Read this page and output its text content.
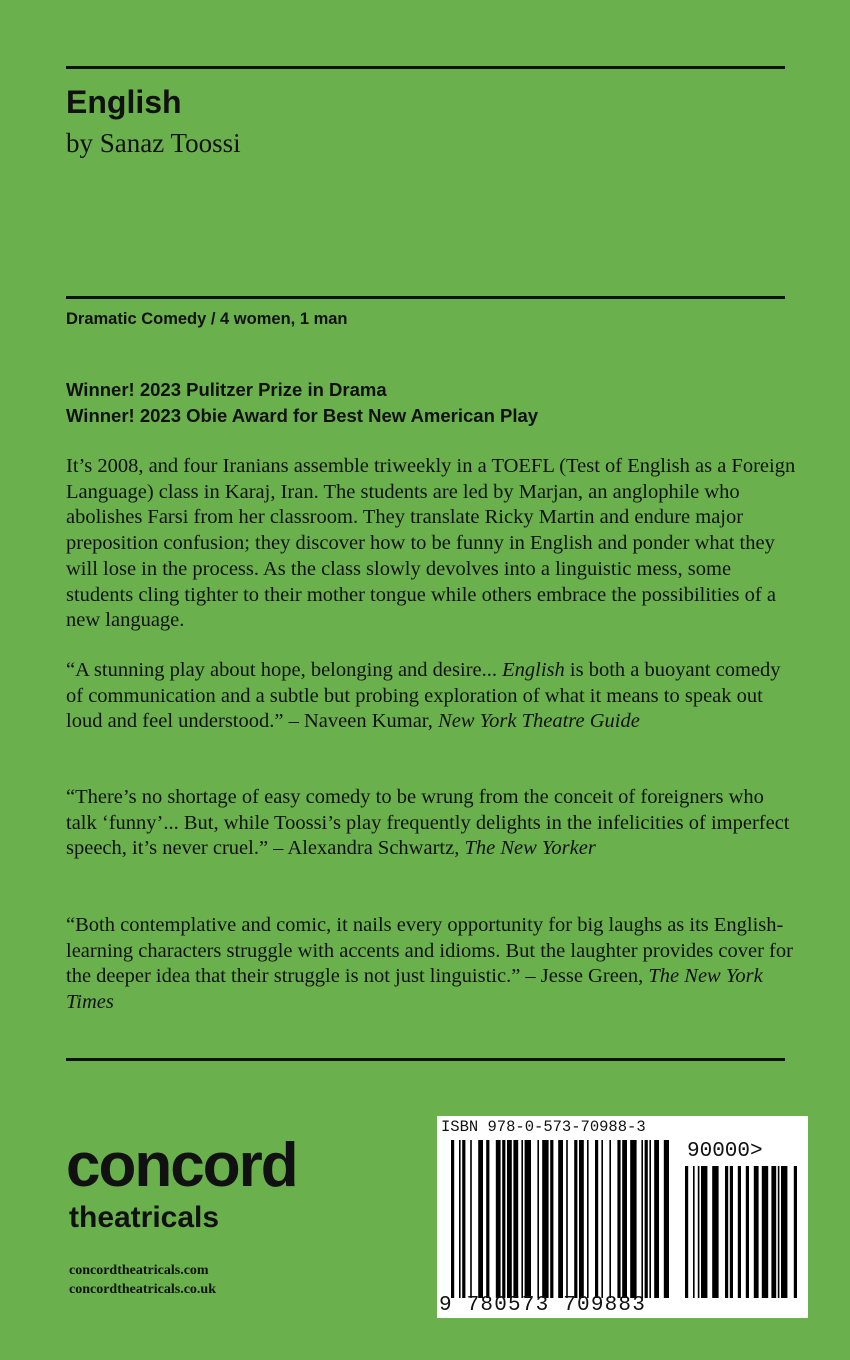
English
by Sanaz Toossi
Dramatic Comedy / 4 women, 1 man
Winner! 2023 Pulitzer Prize in Drama
Winner! 2023 Obie Award for Best New American Play
It’s 2008, and four Iranians assemble triweekly in a TOEFL (Test of English as a Foreign Language) class in Karaj, Iran. The students are led by Marjan, an anglophile who abolishes Farsi from her classroom. They translate Ricky Martin and endure major preposition confusion; they discover how to be funny in English and ponder what they will lose in the process. As the class slowly devolves into a linguistic mess, some students cling tighter to their mother tongue while others embrace the possibilities of a new language.
“A stunning play about hope, belonging and desire... English is both a buoyant comedy of communication and a subtle but probing exploration of what it means to speak out loud and feel understood.” – Naveen Kumar, New York Theatre Guide
“There’s no shortage of easy comedy to be wrung from the conceit of foreigners who talk ‘funny’... But, while Toossi’s play frequently delights in the infelicities of imperfect speech, it’s never cruel.” – Alexandra Schwartz, The New Yorker
“Both contemplative and comic, it nails every opportunity for big laughs as its English-learning characters struggle with accents and idioms. But the laughter provides cover for the deeper idea that their struggle is not just linguistic.” – Jesse Green, The New York Times
concord
theatricals
concordtheatricals.com
concordtheatricals.co.uk
ISBN 978-0-573-70988-3
90000>
9 780573 709883
